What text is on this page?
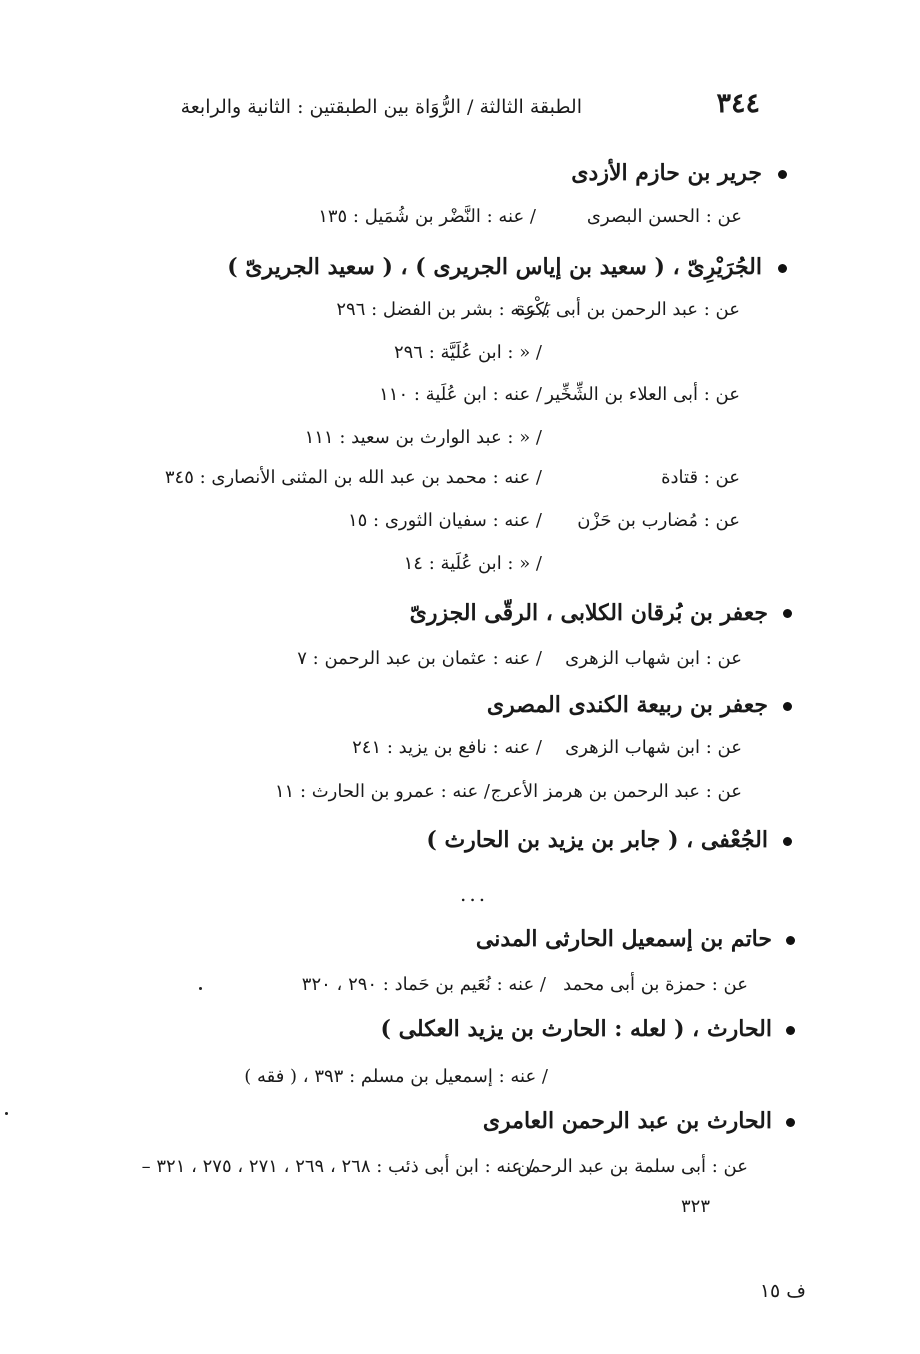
٣٤٤
الطبقة الثالثة / الرُّوَاة بين الطبقتين : الثانية والرابعة
جرير بن حازم الأزدى
عن : الحسن البصرى
/ عنه : النَّضْر بن شُمَيل : ١٣٥
الجُرَيْرِىّ ، ( سعيد بن إياس الجريرى ) ، ( سعيد الجريرىّ )
عن : عبد الرحمن بن أبى بَكْرة
/ عنه : بشر بن الفضل : ٢٩٦
/ « : ابن عُلَيَّة : ٢٩٦
عن : أبى العلاء بن الشِّخِّير
/ عنه : ابن عُلَية : ١١٠
/ « : عبد الوارث بن سعيد : ١١١
عن : قتادة
/ عنه : محمد بن عبد الله بن المثنى الأنصارى : ٣٤٥
عن : مُضارب بن حَزْن
/ عنه : سفيان الثورى : ١٥
/ « : ابن عُلَية : ١٤
جعفر بن بُرقان الكلابى ، الرقّى الجزرىّ
عن : ابن شهاب الزهرى
/ عنه : عثمان بن عبد الرحمن : ٧
جعفر بن ربيعة الكندى المصرى
عن : ابن شهاب الزهرى
/ عنه : نافع بن يزيد : ٢٤١
عن : عبد الرحمن بن هرمز الأعرج
/ عنه : عمرو بن الحارث : ١١
الجُعْفى ، ( جابر بن يزيد بن الحارث )
...
حاتم بن إسمعيل الحارثى المدنى
عن : حمزة بن أبى محمد
/ عنه : نُعَيم بن حَماد : ٢٩٠ ، ٣٢٠
الحارث ، ( لعله : الحارث بن يزيد العكلى )
/ عنه : إسمعيل بن مسلم : ٣٩٣ ، ( فقه )
الحارث بن عبد الرحمن العامرى
عن : أبى سلمة بن عبد الرحمن
/ عنه : ابن أبى ذئب : ٢٦٨ ، ٢٦٩ ، ٢٧١ ، ٢٧٥ ، ٣٢١ –
٣٢٣
ف ١٥
